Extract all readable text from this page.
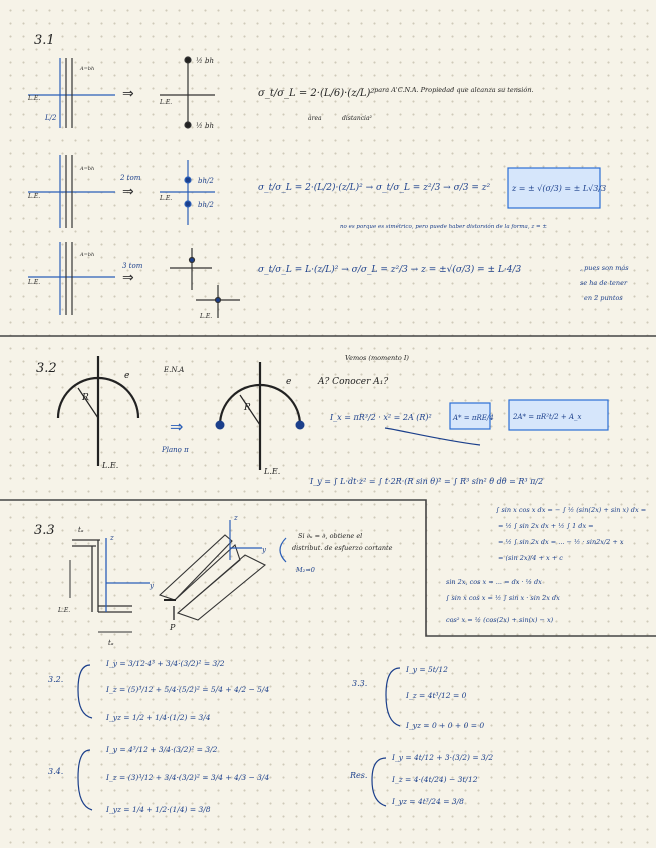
3.1
L.E.
A=bh
L/2
⇒
L.E.
½ bh
½ bh
σ_t/σ_L = 2·(L/6)·(z/L)²
área	distancia²
, para A'C.N.A. Propiedad que alcanza su tensión.
L.E.
A=bh
2 tom
⇒	L.E.
bh/2
bh/2
σ_t/σ_L = 2·(L/2)·(z/L)² → σ_t/σ_L = z²/3 → σ/3 = z²	z = ± √(σ/3) = ± L√3/3
no es porque es simétrico, pero puede haber distorsión de la forma, z = ±
L.E.
A=bh
3 tom
⇒
L.E.
σ_t/σ_L = L·(z/L)² → σ/σ_L = z²/3 → z = ±√(σ/3) = ± L·4/3	, pues son más
se ha de tener
en 2 puntos
3.2
R
e
L.E.
E.N.A
⇒
Plano π
R
e
L.E.
Vemos (momento I)
A? Conocer A₁?
I_x = πR³/2 · x² = 2A (R)²	A* = πRE/4	2A* = πR²t/2 + A_x
I_y = ∫ L·dt·z² = ∫ t·2R·(R sin θ)² = ∫ R³ sin² θ dθ = R³ π/2
3.3	tₐ
z
y
L.E.
tₐ
z
y
P
Si ∂ᵤ = ∂, obtiene el
distribut. de esfuerzo cortante
M₂=0
∫ sin x cos x dx = − ∫ ½ (sin(2x) + sin x) dx =
= ½ ∫ sin 2x dx + ½ ∫ 1 dx =
= ½ ∫ sin 2x dx = ... − ½ · sin2x/2 + x
= (sin 2x)/4 + x + c
sin 2x, cos x = ... = dx · ½ dx
∫ sin x cos x = ½ ∫ sin x · sin 2x dx
cos² x = ½ (cos(2x) + sin(x) − x)
3.2.
I_y = 3/12·4³ + 3/4·(3/2)² = 3/2
I_z = (5)³/12 + 5/4·(5/2)² = 5/4 + 4/2 − 5/4
I_yz = 1/2 + 1/4·(1/2) = 3/4
3.3.
I_y = 5t/12
I_z = 4t³/12 = 0
I_yz = 0 + 0 + 0 = 0
3.4.
I_y = 4³/12 + 3/4·(3/2)² = 3/2
I_z = (3)³/12 + 3/4·(3/2)² = 3/4 + 4/3 − 3/4
I_yz = 1/4 + 1/2·(1/4) = 3/8
Res.
I_y = 4t/12 + 3·(3/2) = 3/2
I_z = 4·(4t/24) − 3t/12
I_yz = 4t³/24 = 3/8
